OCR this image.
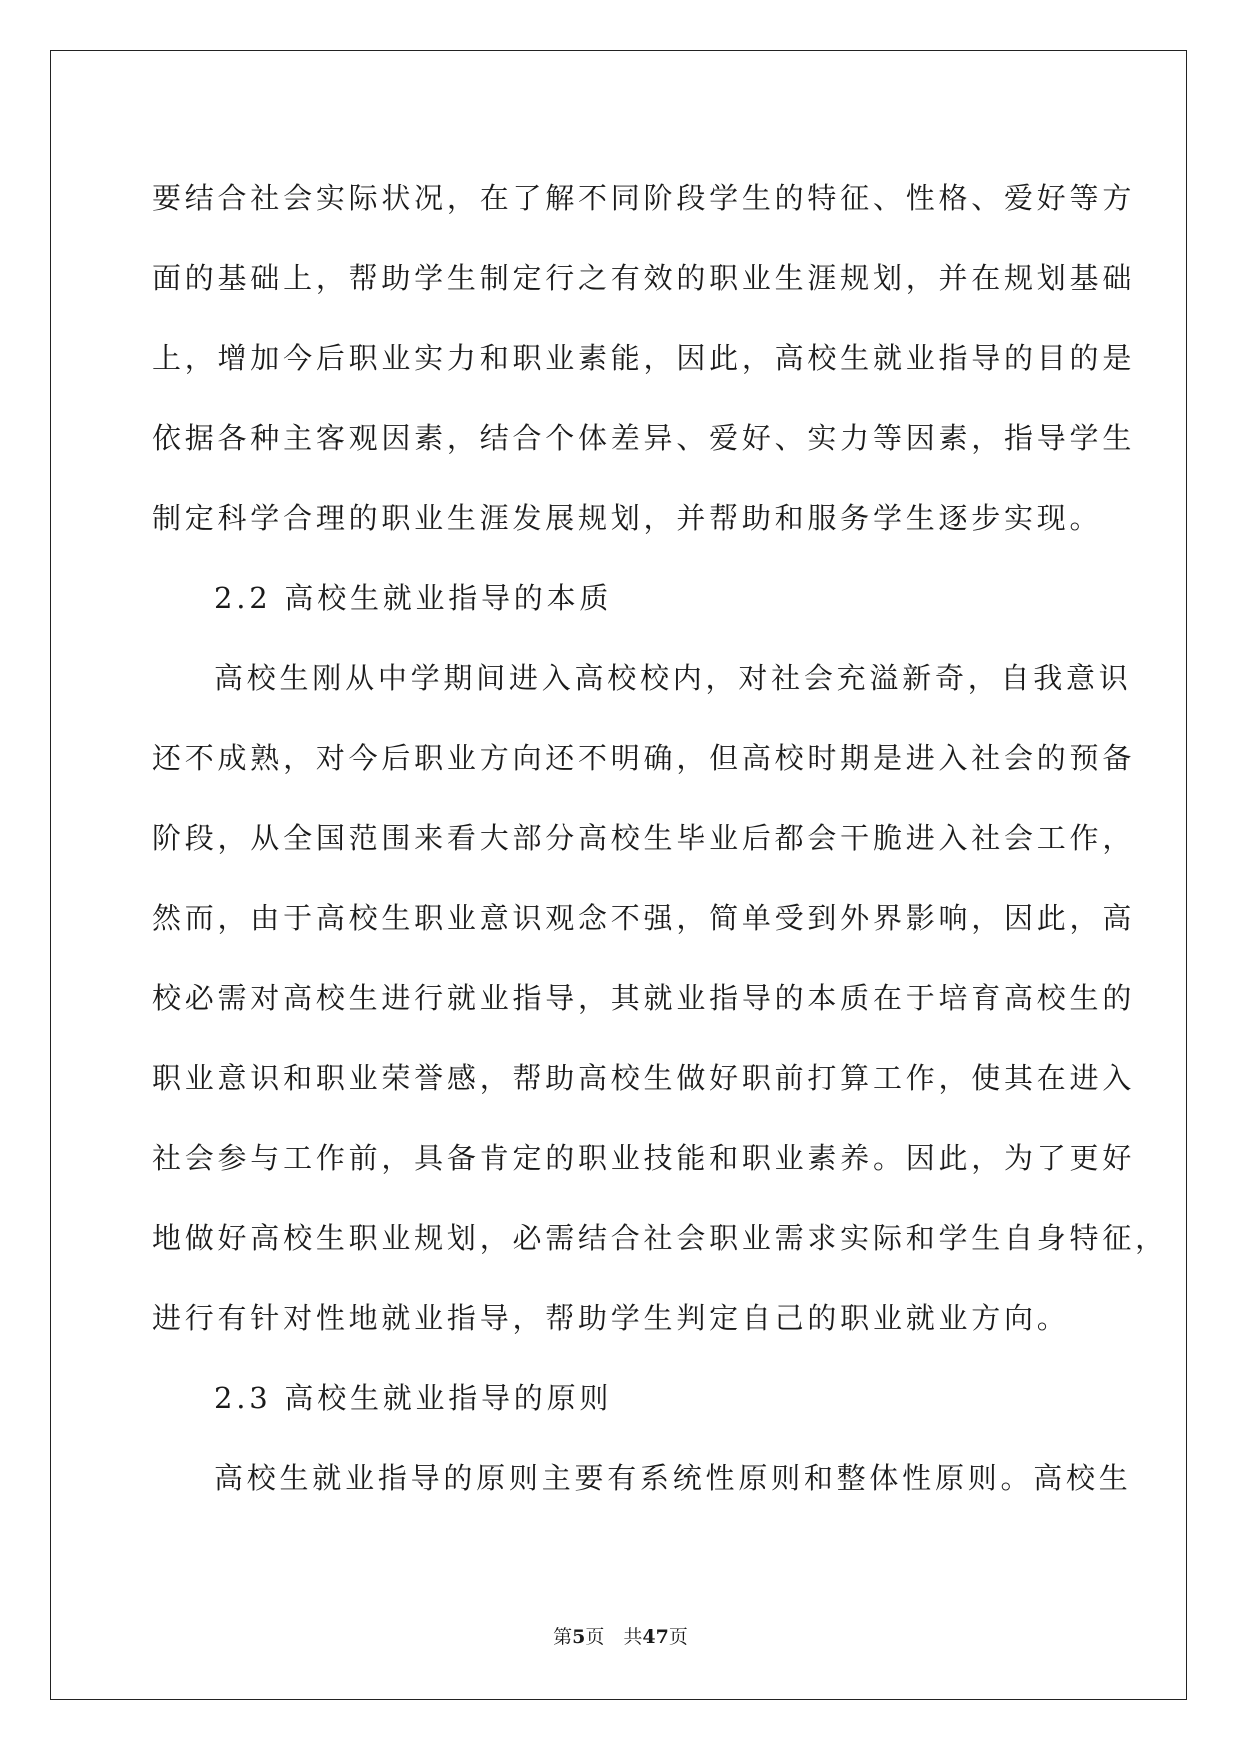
要结合社会实际状况，在了解不同阶段学生的特征、性格、爱好等方
面的基础上，帮助学生制定行之有效的职业生涯规划，并在规划基础
上，增加今后职业实力和职业素能，因此，高校生就业指导的目的是
依据各种主客观因素，结合个体差异、爱好、实力等因素，指导学生
制定科学合理的职业生涯发展规划，并帮助和服务学生逐步实现。
2.2 高校生就业指导的本质
高校生刚从中学期间进入高校校内，对社会充溢新奇，自我意识
还不成熟，对今后职业方向还不明确，但高校时期是进入社会的预备
阶段，从全国范围来看大部分高校生毕业后都会干脆进入社会工作，
然而，由于高校生职业意识观念不强，简单受到外界影响，因此，高
校必需对高校生进行就业指导，其就业指导的本质在于培育高校生的
职业意识和职业荣誉感，帮助高校生做好职前打算工作，使其在进入
社会参与工作前，具备肯定的职业技能和职业素养。因此，为了更好
地做好高校生职业规划，必需结合社会职业需求实际和学生自身特征，
进行有针对性地就业指导，帮助学生判定自己的职业就业方向。
2.3 高校生就业指导的原则
高校生就业指导的原则主要有系统性原则和整体性原则。高校生
第5页　共47页
